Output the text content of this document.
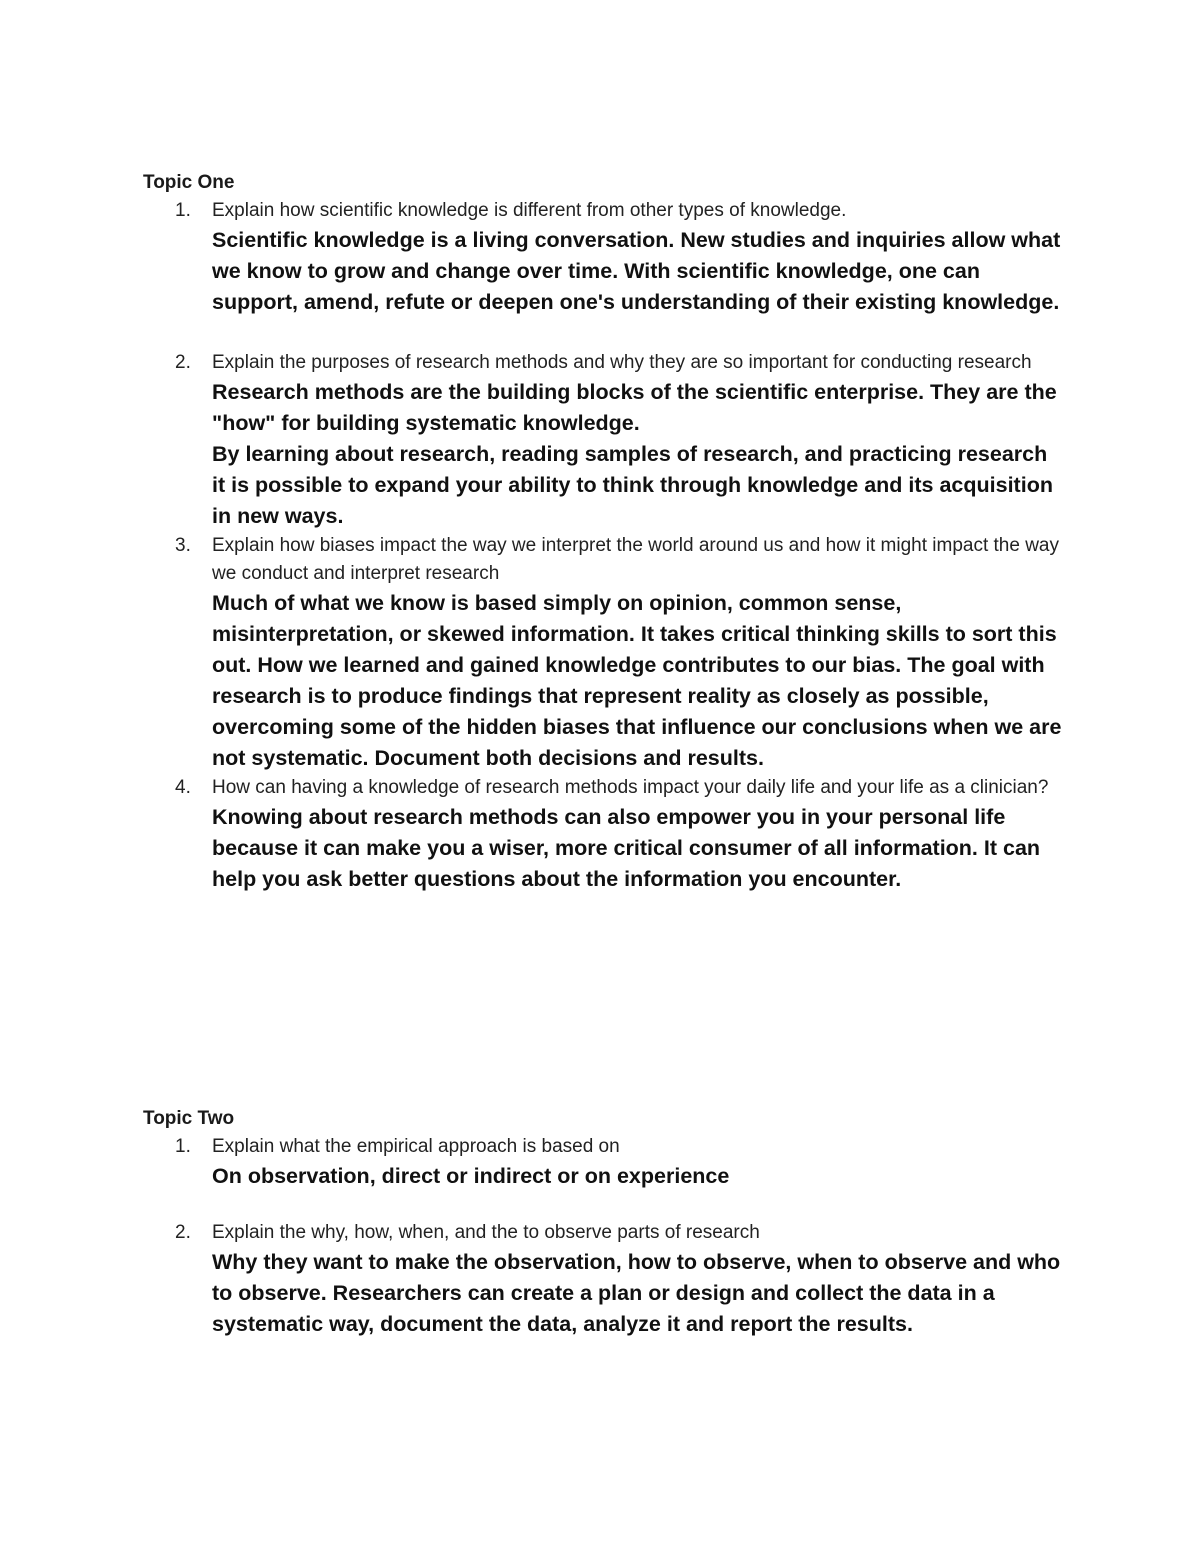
Topic One
1. Explain how scientific knowledge is different from other types of knowledge.

Scientific knowledge is a living conversation. New studies and inquiries allow what we know to grow and change over time. With scientific knowledge, one can support, amend, refute or deepen one's understanding of their existing knowledge.

2. Explain the purposes of research methods and why they are so important for conducting research

Research methods are the building blocks of the scientific enterprise. They are the "how" for building systematic knowledge.

By learning about research, reading samples of research, and practicing research it is possible to expand your ability to think through knowledge and its acquisition in new ways.

3. Explain how biases impact the way we interpret the world around us and how it might impact the way we conduct and interpret research

Much of what we know is based simply on opinion, common sense, misinterpretation, or skewed information. It takes critical thinking skills to sort this out. How we learned and gained knowledge contributes to our bias. The goal with research is to produce findings that represent reality as closely as possible, overcoming some of the hidden biases that influence our conclusions when we are not systematic. Document both decisions and results.

4. How can having a knowledge of research methods impact your daily life and your life as a clinician?

Knowing about research methods can also empower you in your personal life because it can make you a wiser, more critical consumer of all information. It can help you ask better questions about the information you encounter.

Topic Two
1. Explain what the empirical approach is based on

On observation, direct or indirect or on experience

2. Explain the why, how, when, and the to observe parts of research

Why they want to make the observation, how to observe, when to observe and who to observe. Researchers can create a plan or design and collect the data in a systematic way, document the data, analyze it and report the results.
